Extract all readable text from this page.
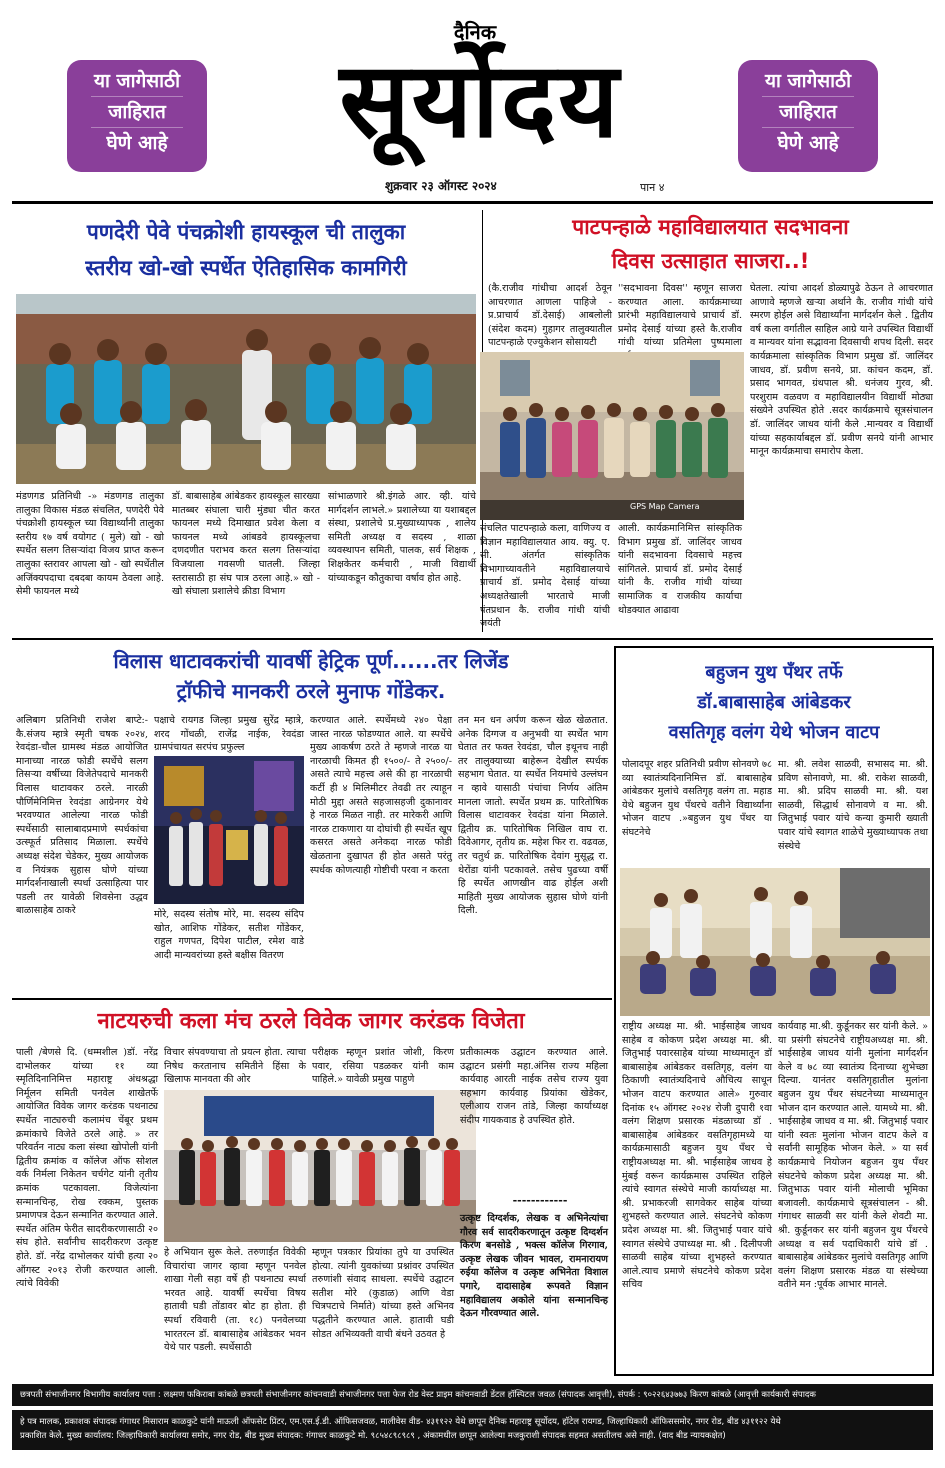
या जागेसाठी
जाहिरात
घेणे आहे
या जागेसाठी
जाहिरात
घेणे आहे
दैनिक
सूर्योदय
शुक्रवार २३ ऑगस्ट २०२४	पान ४
पणदेरी पेवे पंचक्रोशी हायस्कूल ची तालुका
स्तरीय खो-खो स्पर्धेत ऐतिहासिक कामगिरी
मंडणगड प्रतिनिधी -» मंडणगड तालुका तालुका विकास मंडळ संचलित, पणदेरी पेवे पंचक्रोशी हायस्कूल च्या विद्यार्थ्यांनी तालुका स्तरीय १७ वर्ष वयोगट ( मुले) खो - खो स्पर्धेत सलग तिसऱ्यांदा विजय प्राप्त करून तालुका स्तरावर आपला खो - खो स्पर्धेतील अजिंक्यपदाचा दबदबा कायम ठेवला आहे. सेमी फायनल मध्ये
डॉ. बाबासाहेब आंबेडकर हायस्कूल सारख्या मातब्बर संघाला चारी मुंड्या चीत करत फायनल मध्ये दिमाखात प्रवेश केला व फायनल मध्ये आंबडवे हायस्कूलचा दणदणीत पराभव करत सलग तिसऱ्यांदा विजयाला गवसणी घातली. जिल्हा स्तरासाठी हा संघ पात्र ठरला आहे.» खो - खो संघाला प्रशालेचे क्रीडा विभाग
सांभाळणारे श्री.इंगळे आर. व्ही. यांचे मार्गदर्शन लाभले.» प्रशालेच्या या यशाबद्दल संस्था, प्रशालेचे प्र.मुख्याध्यापक , शालेय समिती अध्यक्ष व सदस्य , शाळा व्यवस्थापन समिती, पालक, सर्व शिक्षक , शिक्षकेतर कर्मचारी , माजी विद्यार्थी यांच्याकडून कौतुकाचा वर्षाव होत आहे.
पाटपन्हाळे महाविद्यालयात सदभावना
दिवस उत्साहात साजरा..!
(कै.राजीव गांधीचा आदर्श ठेवून आचरणात आणला पाहिजे - प्र.प्राचार्य डॉ.देसाई) आबलोली (संदेश कदम) गुहागर तालुक्यातील पाटपन्हाळे एज्युकेशन सोसायटी
''सदभावना दिवस'' म्हणून साजरा करण्यात आला. कार्यक्रमाच्या प्रारंभी महाविद्यालयाचे प्राचार्य डॉ. प्रमोद देसाई यांच्या हस्ते कै.राजीव गांधी यांच्या प्रतिमेला पुष्पमाला
घेतला. त्यांचा आदर्श डोळ्यापुढे ठेऊन ते आचरणात आणावे म्हणजे खऱ्या अर्थाने कै. राजीव गांधी यांचे स्मरण होईल असे विद्यार्थ्यांना मार्गदर्शन केले . द्वितीय वर्ष कला वर्गातील साहिल आग्रे याने उपस्थित विद्यार्थी व मान्यवर यांना सद्भावना दिवसाची शपथ दिली. सदर कार्यक्रमाला सांस्कृतिक विभाग प्रमुख डॉ. जालिंदर जाधव, डॉ. प्रवीण सनये, प्रा. कांचन कदम, डॉ. प्रसाद भागवत, ग्रंथपाल श्री. धनंजय गुरव, श्री. परशुराम वळवण व महाविद्यालयीन विद्यार्थी मोठ्या संख्येने उपस्थित होते .सदर कार्यक्रमाचे सूत्रसंचालन डॉ. जालिंदर जाधव यांनी केले .मान्यवर व विद्यार्थी यांच्या सहकार्याबद्दल डॉ. प्रवीण सनये यांनी आभार मानून कार्यक्रमाचा समारोप केला.
GPS Map Camera
संचलित पाटपन्हाळे कला, वाणिज्य व विज्ञान महाविद्यालयात आय. क्यु. ए. सी. अंतर्गत सांस्कृतिक विभागाच्यावतीने महाविद्यालयाचे प्राचार्य डॉ. प्रमोद देसाई यांच्या अध्यक्षतेखाली भारताचे माजी पंतप्रधान कै. राजीव गांधी यांची जयंती
आली. कार्यक्रमानिमित्त सांस्कृतिक विभाग प्रमुख डॉ. जालिंदर जाधव यांनी सदभावना दिवसाचे महत्त्व सांगितले. प्राचार्य डॉ. प्रमोद देसाई यांनी कै. राजीव गांधी यांच्या सामाजिक व राजकीय कार्याचा थोडक्यात आढावा
विलास धाटावकरांची यावर्षी हेट्रिक पूर्ण......तर लिजेंड
ट्रॉफीचे मानकरी ठरले मुनाफ गोंडेकर.
अलिबाग प्रतिनिधी राजेश बाप्टे:- कै.संजय म्हात्रे स्मृती चषक २०२४, रेवदंडा-चौल ग्रामस्थ मंडळ आयोजित मानाच्या नारळ फोडी स्पर्धेचे सलग तिसऱ्या वर्षीच्या विजेतेपदाचे मानकरी विलास धाटावकर ठरले. नारळी पौर्णिमेनिमित्त रेवदंडा आग्रेनगर येथे भरवण्यात आलेल्या नारळ फोडी स्पर्धेसाठी सालाबादप्रमाणे स्पर्धकांचा उत्स्फूर्त प्रतिसाद मिळाला. स्पर्धेचे अध्यक्ष संदेश चेडेकर, मुख्य आयोजक व नियंत्रक सुहास घोणे यांच्या मार्गदर्शनाखाली स्पर्धा उत्साहित्या पार पडली तर यावेळी शिवसेना उद्धव बाळासाहेब ठाकरे
पक्षाचे रायगड जिल्हा प्रमुख सुरेंद्र म्हात्रे, शरद गोंधळी, राजेंद्र नाईक, रेवदंडा ग्रामपंचायत सरपंच प्रफुल्ल
मोरे, सदस्य संतोष मोरे, मा. सदस्य संदिप खोत, आशिफ गोंडेकर, सतीश गोंडेकर, राहुल गणपत, दिपेश पाटील, रमेश वाडे आदी मान्यवरांच्या हस्ते बक्षीस वितरण
करण्यात आले. स्पर्धेमध्ये २४० पेक्षा जास्त नारळ फोडण्यात आले. या स्पर्धेचे मुख्य आकर्षण ठरते ते म्हणजे नारळ या नारळाची किमत ही १५००/- ते २५००/- असते त्याचे महत्त्व असे की हा नारळाची कर्टी ही ४ मिलिमीटर तेवढी तर त्याहून मोठी मुद्दा असते सहजासहजी दुकानावर हे नारळ मिळत नाही. तर मारेकरी आणि नारळ टाकणारा या दोघांची ही स्पर्धेत खूप कसरत असते अनेकदा नारळ फोडी खेळताना दुखापत ही होत असते परंतु स्पर्धक कोणत्याही गोष्टीची परवा न करता
तन मन धन अर्पण करून खेळ खेळतात. अनेक दिग्गज व अनुभवी या स्पर्धेत भाग घेतात तर फक्त रेवदंडा, चौल इथूनच नाही तर तालुक्याच्या बाहेरून देखील स्पर्धक सहभाग घेतात. या स्पर्धेत नियमांचे उल्लंघन न व्हावे यासाठी पंचांचा निर्णय अंतिम मानला जातो. स्पर्धेत प्रथम क्र. पारितोषिक विलास धाटावकर रेवदंडा यांना मिळाले. द्वितीय क्र. पारितोषिक निखिल वाघ रा. दिवेआगर, तृतीय क्र. महेश फिर रा. वढवळ, तर चतुर्थ क्र. पारितोषिक देवांग मुसूद्ध रा. थेरोंडा यांनी पटकावले. तसेच पुढच्या वर्षी हि स्पर्धेत आणखीन वाढ होईल अशी माहिती मुख्य आयोजक सुहास घोणे यांनी दिली.
बहुजन युथ पँथर तर्फे
डॉ.बाबासाहेब आंबेडकर
वसतिगृह वलंग येथे भोजन वाटप
पोलादपूर शहर प्रतिनिधी प्रवीण सोनवणे ७८ व्या स्वातंत्र्यदिनानिमित्त डॉ. बाबासाहेब आंबेडकर मुलांचे वसतिगृह वलंग ता. महाड येथे बहुजन युथ पँथरचे वतीने विद्यार्थ्यांना भोजन वाटप .»बहुजन युथ पँथर या संघटनेचे
मा. श्री. लवेश साळवी, सभासद मा. श्री. प्रविण सोनावणे, मा. श्री. राकेश साळवी, मा. श्री. प्रदिप साळवी मा. श्री. यश साळवी, सिद्धार्थ सोनावणे व मा. श्री. जितुभाई पवार यांचे कन्या कुमारी ख्याती पवार यांचे स्वागत शाळेचे मुख्याध्यापक तथा संस्थेचे
राष्ट्रीय अध्यक्ष मा. श्री. भाईसाहेब जाधव साहेब व कोकण प्रदेश अध्यक्ष मा. श्री. जितुभाई पवारसाहेब यांच्या माध्यमातून डॉ बाबासाहेब आंबेडकर वसतिगृह, वलंग या ठिकाणी स्वातंत्र्यदिनाचे औचित्य साधून भोजन वाटप करण्यात आले» गुरुवार दिनांक १५ ऑगस्ट २०२४ रोजी दुपारी १वा वलंग शिक्षण प्रसारक मंडळाच्या डॉ . बाबासाहेब आंबेडकर वसतिगृहामध्ये या कार्यक्रमासाठी बहुजन युथ पँथर चे राष्ट्रीयअध्यक्ष मा. श्री. भाईसाहेब जाधव हे मुंबई वरून कार्यक्रमास उपस्थित राहिले त्यांचे स्वागत संस्थेचे माजी कार्याध्यक्ष मा. श्री. प्रभाकरजी सागवेकर साहेब यांच्या शुभहस्ते करण्यात आले. संघटनेचे कोकण प्रदेश अध्यक्ष मा. श्री. जितुभाई पवार यांचे स्वागत संस्थेचे उपाध्यक्ष मा. श्री . दिलीपजी साळवी साहेब यांच्या शुभहस्ते करण्यात आले.त्याच प्रमाणे संघटनेचे कोकण प्रदेश सचिव
कार्यवाह मा.श्री. कुर्डूनकर सर यांनी केले. » या प्रसंगी संघटनेचे राष्ट्रीयअध्यक्ष मा. श्री. भाईसाहेब जाधव यांनी मुलांना मार्गदर्शन केले व ७८ व्या स्वातंत्र्य दिनाच्या शुभेच्छा दिल्या. यानंतर वसतिगृहातील मुलांना बहुजन युथ पँथर संघटनेच्या माध्यमातून भोजन दान करण्यात आले. यामध्ये मा. श्री. भाईसाहेब जाधव व मा. श्री. जितुभाई पवार यांनी स्वतः मुलांना भोजन वाटप केले व सर्वांनी सामूहिक भोजन केले. » या सर्व कार्यक्रमाचे नियोजन बहुजन युथ पँथर संघटनेचे कोकण प्रदेश अध्यक्ष मा. श्री. जितुभाऊ पवार यांनी मोलाची भूमिका बजावली. कार्यक्रमाचे सूत्रसंचालन - श्री. गंगाधर साळवी सर यांनी केले शेवटी मा. श्री. कुर्डूनकर सर यांनी बहुजन युथ पँथरचे अध्यक्ष व सर्व पदाधिकारी यांचे डॉ . बाबासाहेब आंबेडकर मुलांचे वसतिगृह आणि वलंग शिक्षण प्रसारक मंडळ या संस्थेच्या वतीने मन :पूर्वक आभार मानले.
नाटयरुची कला मंच ठरले विवेक जागर करंडक विजेता
पाली /बेणसे दि. (धम्मशील )डॉ. नरेंद्र दाभोलकर यांच्या ११ व्या स्मृतिदिनानिमित्त महाराष्ट्र अंधश्रद्धा निर्मूलन समिती पनवेल शाखेतर्फे आयोजित विवेक जागर करंडक पथनाट्य स्पर्धेत नाट्यरुची कलामंच चेंबूर प्रथम क्रमांकाचे विजेते ठरले आहे. » तर परिवर्तन नाट्य कला संस्था खोपोली यांनी द्वितीय क्रमांक व कॉलेज ऑफ सोशल वर्क निर्मला निकेतन चर्चगेट यांनी तृतीय क्रमांक पटकावला. विजेत्यांना सन्मानचिन्ह, रोख रक्कम, पुस्तक प्रमाणपत्र देऊन सन्मानित करण्यात आले. स्पर्धेत अंतिम फेरीत सादरीकरणासाठी २० संघ होते. सर्वांनीच सादरीकरण उत्कृष्ट होते. डॉ. नरेंद्र दाभोलकर यांची हत्या २० ऑगस्ट २०१३ रोजी करण्यात आली. त्यांचे विवेकी
विचार संपवण्याचा तो प्रयत्न होता. त्याचा निषेध करतानाच समितीने हिंसा के खिलाफ मानवता की ओर
परीक्षक म्हणून प्रशांत जोशी, किरण पवार, रसिया पडळकर यांनी काम पाहिले.» यावेळी प्रमुख पाहुणे
हे अभियान सुरू केले. तरुणाईत विवेकी विचारांचा जागर व्हावा म्हणून पनवेल शाखा गेली सहा वर्षे ही पथनाट्य स्पर्धा भरवत आहे. यावर्षी स्पर्धेचा विषय हातावी घडी तोंडावर बोट हा होता. ही स्पर्धा रविवारी (ता. १८) पनवेलच्या भारतरत्न डॉ. बाबासाहेब आंबेडकर भवन येथे पार पडली. स्पर्धेसाठी
म्हणून पत्रकार प्रियांका तुपे या उपस्थित होत्या. त्यांनी युवकांच्या प्रश्नांवर उपस्थित तरुणांशी संवाद साधला. स्पर्धेचे उद्घाटन सतीश मोरे (कुडाळ) आणि वेडा चित्रपटाचे निर्माते) यांच्या हस्ते अभिनव पद्धतीने करण्यात आले. हातावी घडी सोडत अभिव्यक्ती वाची बंधने उठवत हे
प्रतीकात्मक उद्घाटन करण्यात आले. उद्घाटन प्रसंगी महा.अंनिस राज्य महिला कार्यवाह आरती नाईक तसेच राज्य युवा सहभाग कार्यवाह प्रियांका खेडेकर, एलीआय राजन तांडे, जिल्हा कार्याध्यक्ष संदीप गायकवाड हे उपस्थित होते.
------------
उत्कृष्ट दिग्दर्शक, लेखक व अभिनेत्यांचा गौरव सर्व सादरीकरणातून उत्कृष्ट दिग्दर्शन किरण बनसोडे , भक्त्स कॉलेज गिरगाव, उत्कृष्ट लेखक जीवन भावल, रामनारायण रुईया कॉलेज व उत्कृष्ट अभिनेता विशाल पगारे, दादासाहेब रूपवते विज्ञान महाविद्यालय अकोले यांना सन्मानचिन्ह देऊन गौरवण्यात आले.
छत्रपती संभाजीनगर विभागीय कार्यालय पत्ता : लक्ष्मण फकिराबा कांबळे छत्रपती संभाजीनगर कांचनवाडी संभाजीनगर पत्ता फेज रोड वेस्ट प्राइम कांचनवाडी डेंटल हॉस्पिटल जवळ (संपादक आवृत्ती), संपर्क : ९०२२६४३७७३ किरण कांबळे (आवृत्ती कार्यकारी संपादक
हे पत्र मालक, प्रकाशक संपादक गंगाधर मिसाराम काळकुटे यांनी माऊली ऑफसेट प्रिंटर, एम.एस.ई.डी. ऑफिसजवळ, मालीवेस वीड- ४३११२२ येथे छापून दैनिक महाराष्ट्र सूर्योदय, हॉटेल रायगड, जिल्हाधिकारी ऑफिससमोर, नगर रोड, बीड ४३११२२ येथे
प्रकाशित केले. मुख्य कार्यालय: जिल्हाधिकारी कार्यालया समोर, नगर रोड, बीड मुख्य संपादक: गंगाधर काळकुटे मो. ९८५४८९८९८९ , अंकामधील छापून आलेल्या मजकुराशी संपादक सहमत असतीलच असे नाही. (वाद बीड न्यायकक्षेत)
